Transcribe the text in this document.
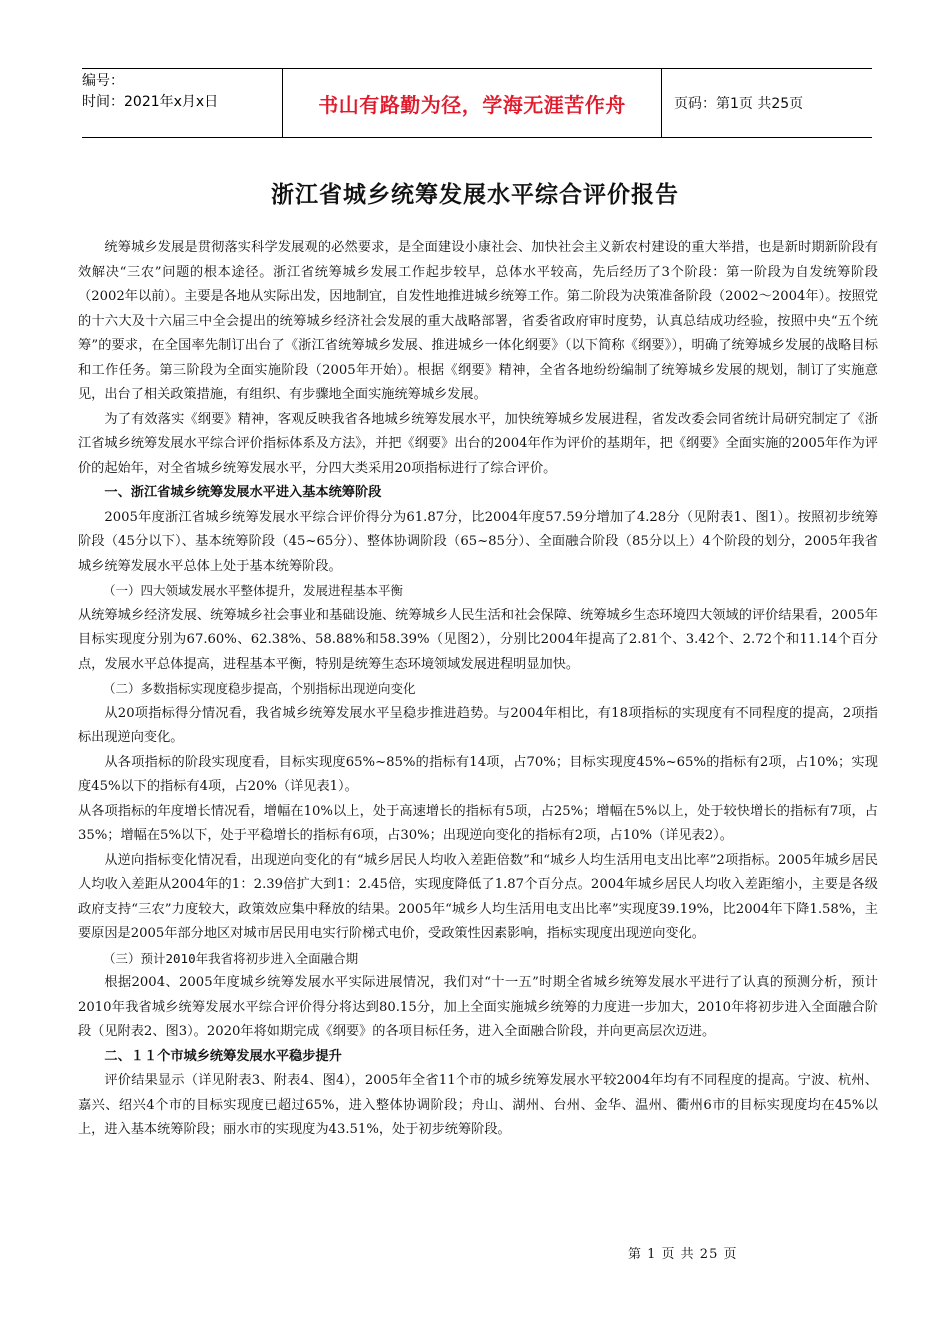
编号：
时间：2021年x月x日	书山有路勤为径，学海无涯苦作舟	页码：第1页 共25页
浙江省城乡统筹发展水平综合评价报告

统筹城乡发展是贯彻落实科学发展观的必然要求，是全面建设小康社会、加快社会主义新农村建设的重大举措，也是新时期新阶段有效解决“三农”问题的根本途径。浙江省统筹城乡发展工作起步较早，总体水平较高，先后经历了3个阶段：第一阶段为自发统筹阶段（2002年以前）。主要是各地从实际出发，因地制宜，自发性地推进城乡统筹工作。第二阶段为决策准备阶段（2002～2004年）。按照党的十六大及十六届三中全会提出的统筹城乡经济社会发展的重大战略部署，省委省政府审时度势，认真总结成功经验，按照中央“五个统筹”的要求，在全国率先制订出台了《浙江省统筹城乡发展、推进城乡一体化纲要》（以下简称《纲要》），明确了统筹城乡发展的战略目标和工作任务。第三阶段为全面实施阶段（2005年开始）。根据《纲要》精神，全省各地纷纷编制了统筹城乡发展的规划，制订了实施意见，出台了相关政策措施，有组织、有步骤地全面实施统筹城乡发展。

为了有效落实《纲要》精神，客观反映我省各地城乡统筹发展水平，加快统筹城乡发展进程，省发改委会同省统计局研究制定了《浙江省城乡统筹发展水平综合评价指标体系及方法》，并把《纲要》出台的2004年作为评价的基期年，把《纲要》全面实施的2005年作为评价的起始年，对全省城乡统筹发展水平，分四大类采用20项指标进行了综合评价。

一、浙江省城乡统筹发展水平进入基本统筹阶段

2005年度浙江省城乡统筹发展水平综合评价得分为61.87分，比2004年度57.59分增加了4.28分（见附表1、图1）。按照初步统筹阶段（45分以下）、基本统筹阶段（45~65分）、整体协调阶段（65~85分）、全面融合阶段（85分以上）4个阶段的划分，2005年我省城乡统筹发展水平总体上处于基本统筹阶段。

（一）四大领域发展水平整体提升，发展进程基本平衡

从统筹城乡经济发展、统筹城乡社会事业和基础设施、统筹城乡人民生活和社会保障、统筹城乡生态环境四大领域的评价结果看，2005年目标实现度分别为67.60%、62.38%、58.88%和58.39%（见图2），分别比2004年提高了2.81个、3.42个、2.72个和11.14个百分点，发展水平总体提高，进程基本平衡，特别是统筹生态环境领域发展进程明显加快。

（二）多数指标实现度稳步提高，个别指标出现逆向变化

从20项指标得分情况看，我省城乡统筹发展水平呈稳步推进趋势。与2004年相比，有18项指标的实现度有不同程度的提高，2项指标出现逆向变化。

从各项指标的阶段实现度看，目标实现度65%~85%的指标有14项，占70%；目标实现度45%~65%的指标有2项，占10%；实现度45%以下的指标有4项，占20%（详见表1）。

从各项指标的年度增长情况看，增幅在10%以上，处于高速增长的指标有5项，占25%；增幅在5%以上，处于较快增长的指标有7项，占35%；增幅在5%以下，处于平稳增长的指标有6项，占30%；出现逆向变化的指标有2项，占10%（详见表2）。

从逆向指标变化情况看，出现逆向变化的有“城乡居民人均收入差距倍数”和“城乡人均生活用电支出比率”2项指标。2005年城乡居民人均收入差距从2004年的1：2.39倍扩大到1：2.45倍，实现度降低了1.87个百分点。2004年城乡居民人均收入差距缩小，主要是各级政府支持“三农”力度较大，政策效应集中释放的结果。2005年“城乡人均生活用电支出比率”实现度39.19%，比2004年下降1.58%，主要原因是2005年部分地区对城市居民用电实行阶梯式电价，受政策性因素影响，指标实现度出现逆向变化。

（三）预计2010年我省将初步进入全面融合期

根据2004、2005年度城乡统筹发展水平实际进展情况，我们对“十一五”时期全省城乡统筹发展水平进行了认真的预测分析，预计2010年我省城乡统筹发展水平综合评价得分将达到80.15分，加上全面实施城乡统筹的力度进一步加大，2010年将初步进入全面融合阶段（见附表2、图3）。2020年将如期完成《纲要》的各项目标任务，进入全面融合阶段，并向更高层次迈进。

二、１１个市城乡统筹发展水平稳步提升

评价结果显示（详见附表3、附表4、图4），2005年全省11个市的城乡统筹发展水平较2004年均有不同程度的提高。宁波、杭州、嘉兴、绍兴4个市的目标实现度已超过65%，进入整体协调阶段；舟山、湖州、台州、金华、温州、衢州6市的目标实现度均在45%以上，进入基本统筹阶段；丽水市的实现度为43.51%，处于初步统筹阶段。

第 1 页 共 25 页
